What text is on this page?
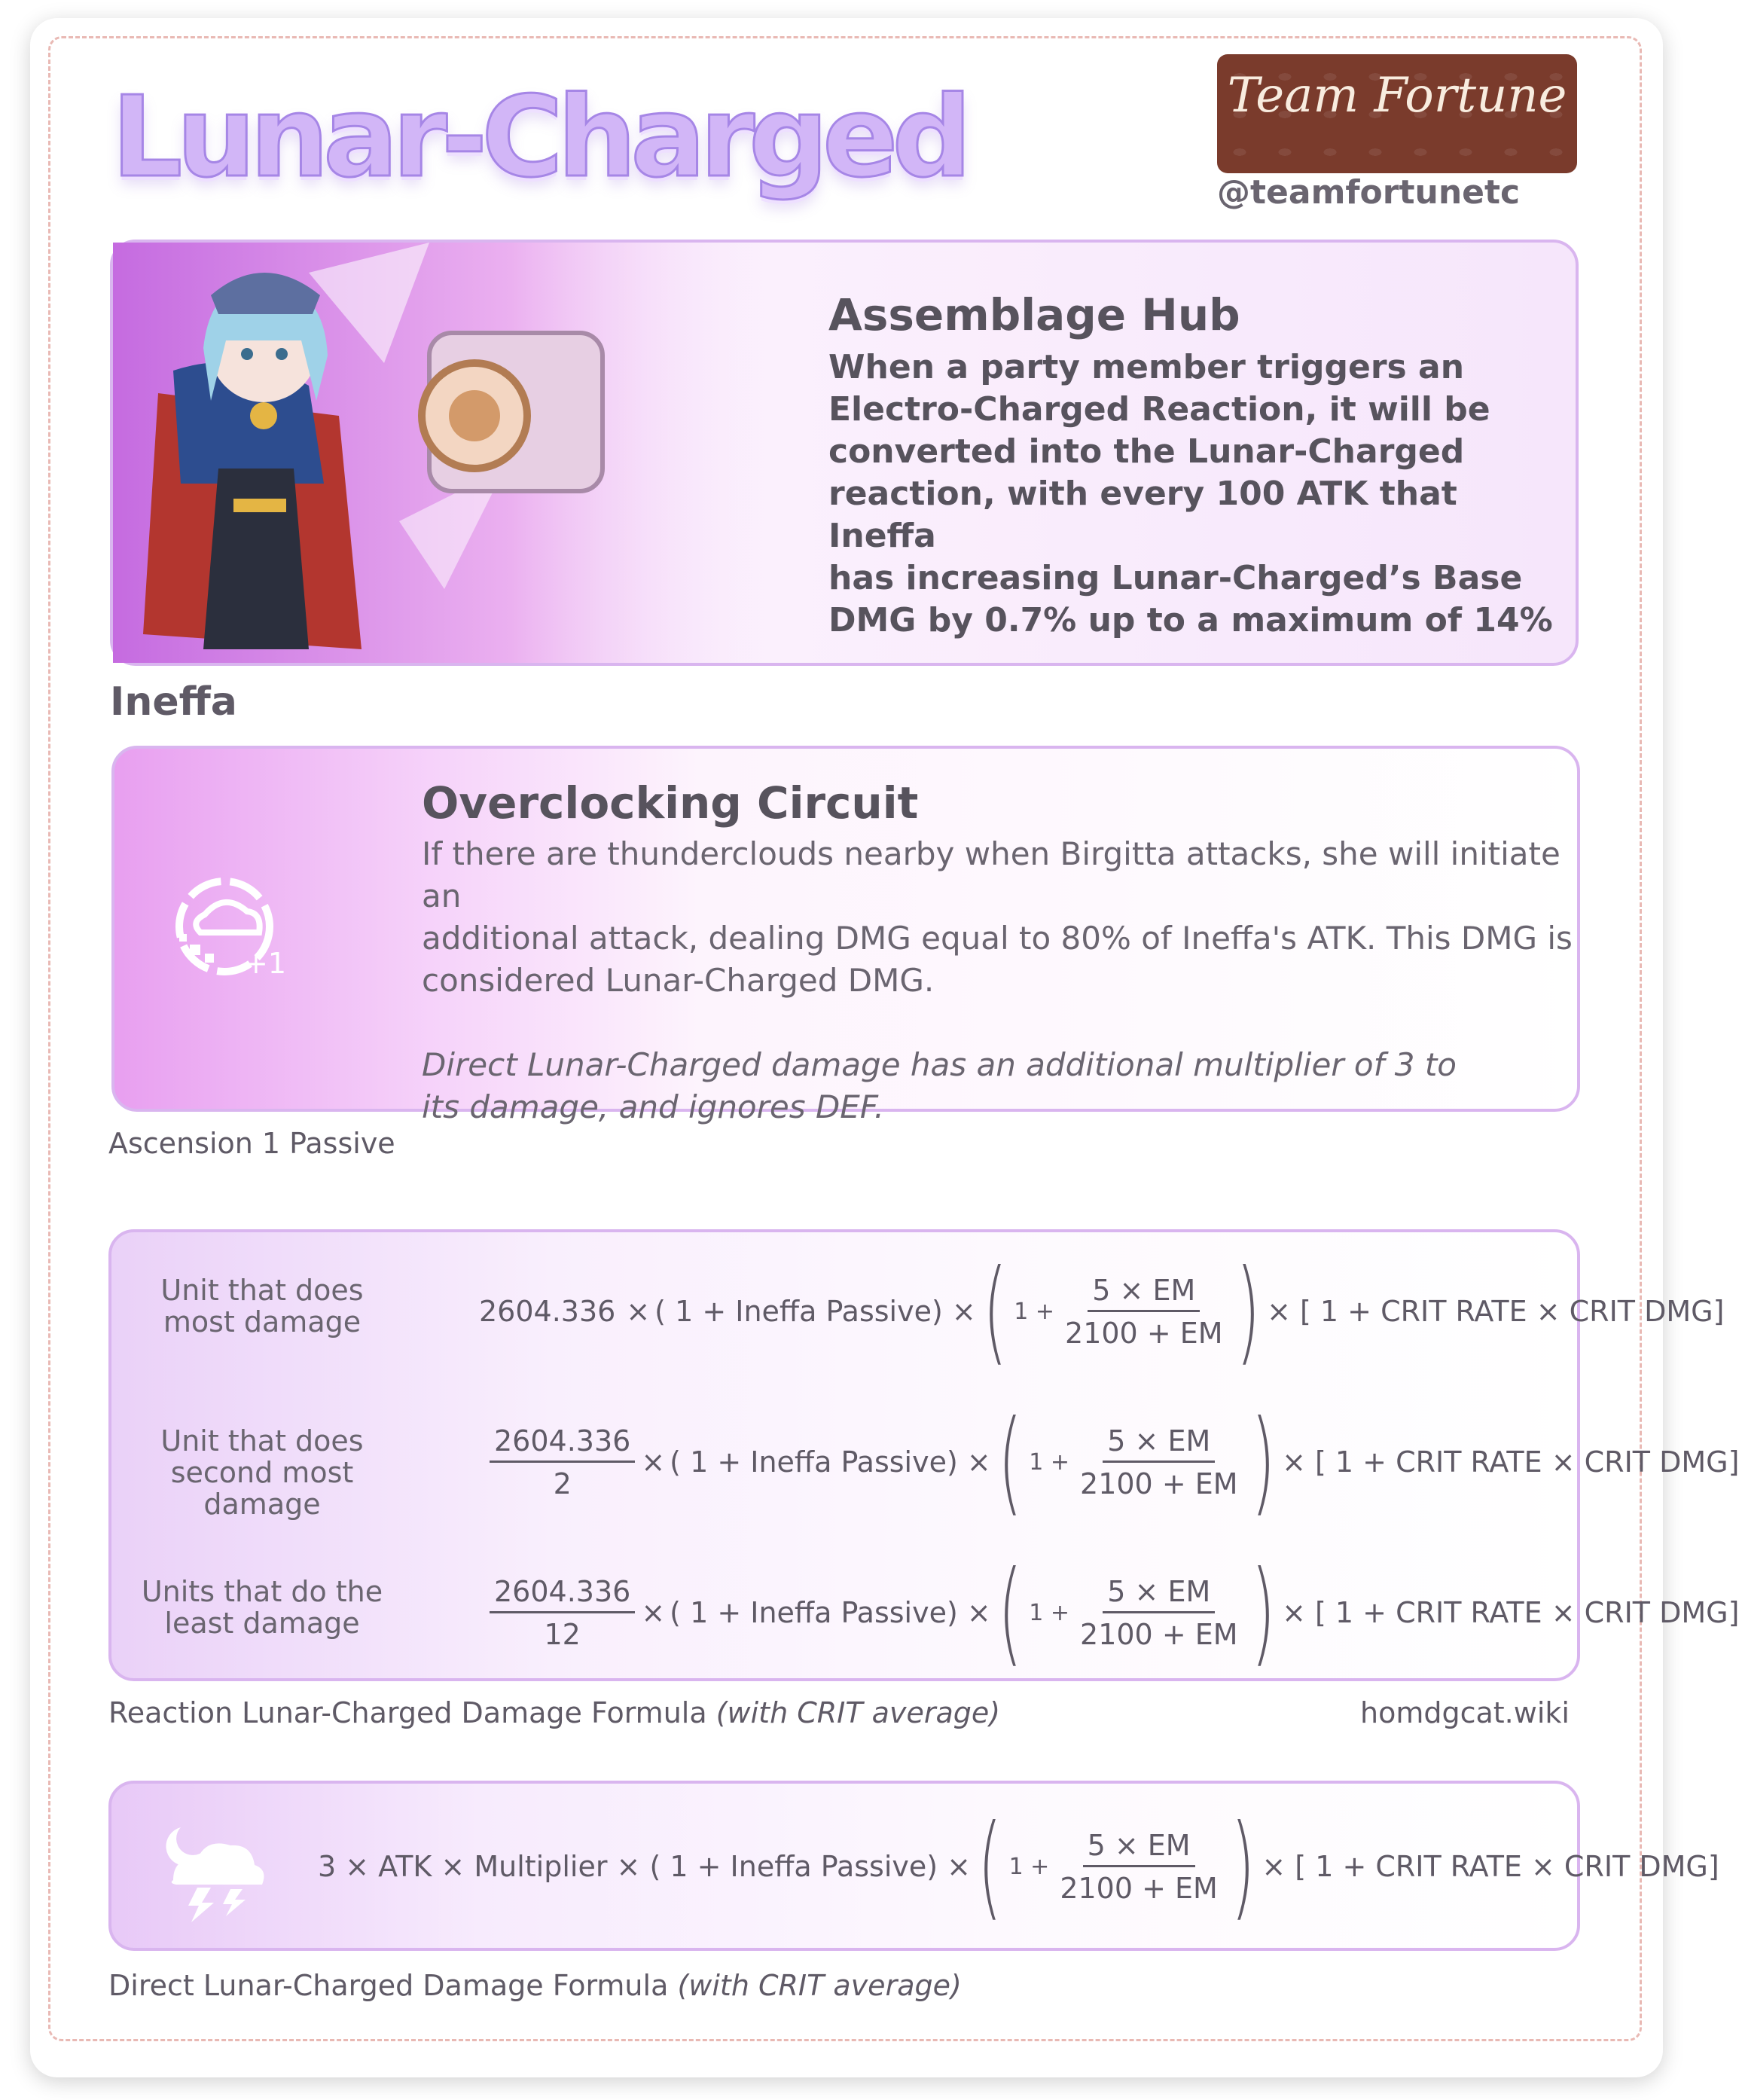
Lunar-Charged	Team Fortune
@teamfortunetc
Assemblage Hub
When a party member triggers an
Electro-Charged Reaction, it will be
converted into the Lunar-Charged
reaction, with every 100 ATK that Ineffa
has increasing Lunar-Charged’s Base
DMG by 0.7% up to a maximum of 14%
Ineffa
+1
Overclocking Circuit
If there are thunderclouds nearby when Birgitta attacks, she will initiate an
additional attack, dealing DMG equal to 80% of Ineffa's ATK. This DMG is
considered Lunar-Charged DMG.
Direct Lunar-Charged damage has an additional multiplier of 3 to
its damage, and ignores DEF.
Ascension 1 Passive
Unit that does
most damage	2604.336 × ( 1 + Ineffa Passive) × ( $1 + \frac{5 \times EM}{2100 + EM}$ ) × [ 1 + CRIT RATE × CRIT DMG]
Unit that does
second most damage
$\frac{2604.336}{2}$ × ( 1 + Ineffa Passive) × ( $1 + \frac{5 \times EM}{2100 + EM}$ ) × [ 1 + CRIT RATE × CRIT DMG]
Units that do the
least damage	$\frac{2604.336}{12}$ × ( 1 + Ineffa Passive) × ( $1 + \frac{5 \times EM}{2100 + EM}$ ) × [ 1 + CRIT RATE × CRIT DMG]
Reaction Lunar-Charged Damage Formula (with CRIT average)	homdgcat.wiki
3 × ATK × Multiplier × ( 1 + Ineffa Passive) × ( $1 + \frac{5 \times EM}{2100 + EM}$ ) × [ 1 + CRIT RATE × CRIT DMG]
Direct Lunar-Charged Damage Formula (with CRIT average)
